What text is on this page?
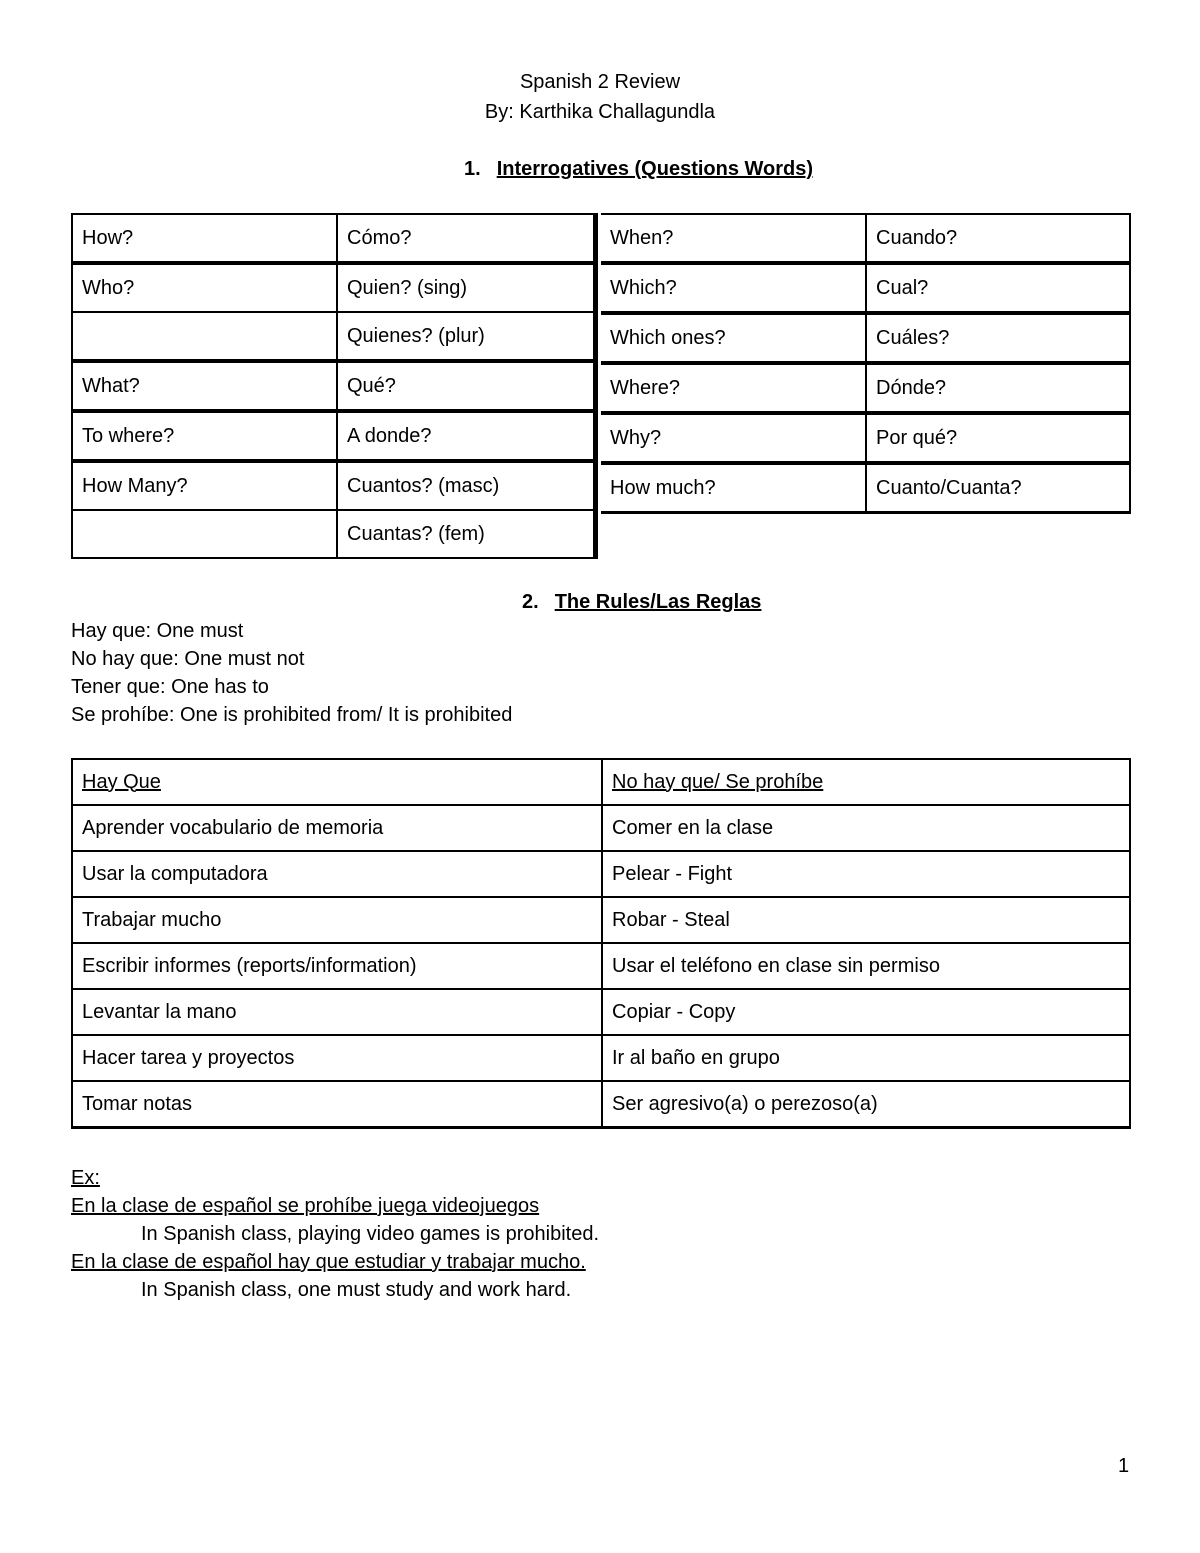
Spanish 2 Review
By: Karthika Challagundla
1. Interrogatives (Questions Words)
How?	Cómo?
Who?	Quien? (sing)
	Quienes? (plur)
What?	Qué?
To where?	A donde?
How Many?	Cuantos? (masc)
	Cuantas? (fem)
When?	Cuando?
Which?	Cual?
Which ones?	Cuáles?
Where?	Dónde?
Why?	Por qué?
How much?	Cuanto/Cuanta?
2. The Rules/Las Reglas
Hay que: One must
No hay que: One must not
Tener que: One has to
Se prohíbe: One is prohibited from/ It is prohibited
Hay Que	No hay que/ Se prohíbe
Aprender vocabulario de memoria	Comer en la clase
Usar la computadora	Pelear - Fight
Trabajar mucho	Robar - Steal
Escribir informes (reports/information)	Usar el teléfono en clase sin permiso
Levantar la mano	Copiar - Copy
Hacer tarea y proyectos	Ir al baño en grupo
Tomar notas	Ser agresivo(a) o perezoso(a)
Ex:
En la clase de español se prohíbe juega videojuegos
In Spanish class, playing video games is prohibited.
En la clase de español hay que estudiar y trabajar mucho.
In Spanish class, one must study and work hard.
1
